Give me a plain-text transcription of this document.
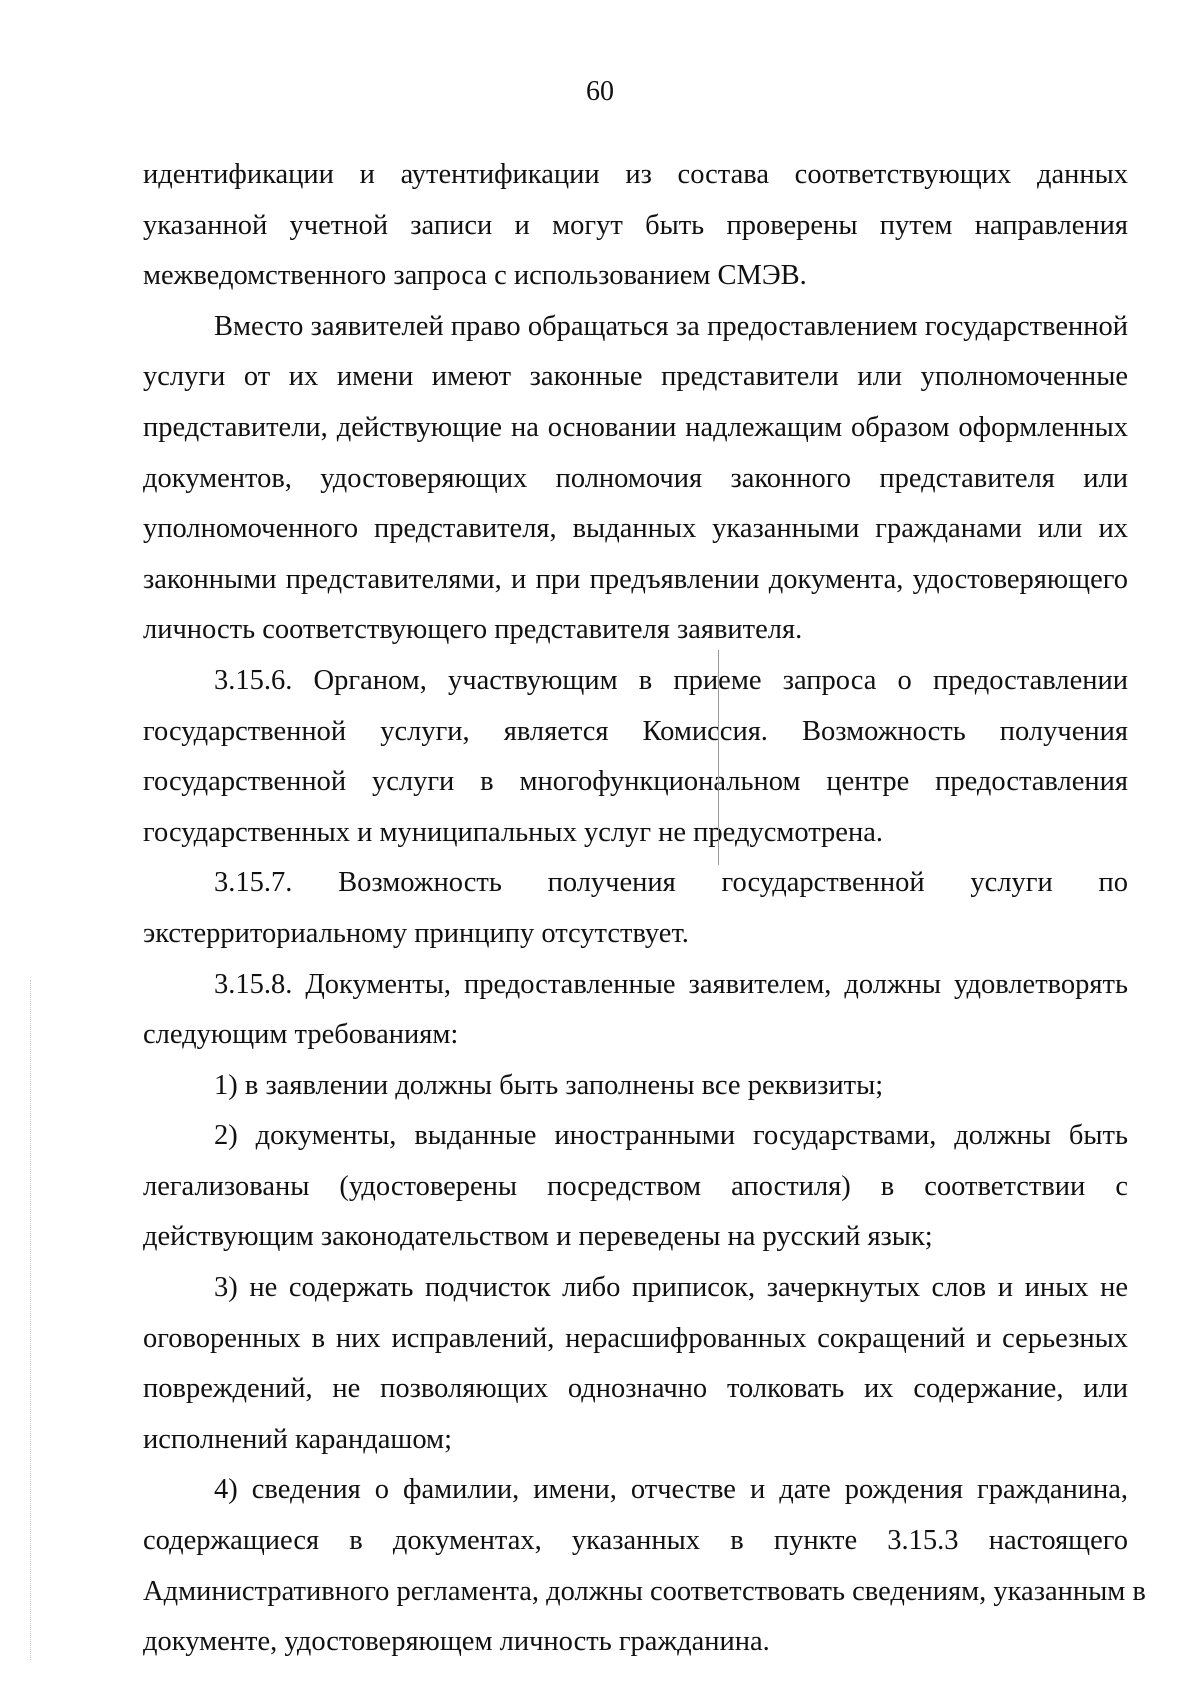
60

идентификации и аутентификации из состава соответствующих данных
указанной учетной записи и могут быть проверены путем направления
межведомственного запроса с использованием СМЭВ.

Вместо заявителей право обращаться за предоставлением государственной
услуги от их имени имеют законные представители или уполномоченные
представители, действующие на основании надлежащим образом оформленных
документов, удостоверяющих полномочия законного представителя или
уполномоченного представителя, выданных указанными гражданами или их
законными представителями, и при предъявлении документа, удостоверяющего
личность соответствующего представителя заявителя.

3.15.6. Органом, участвующим в приеме запроса о предоставлении
государственной услуги, является Комиссия. Возможность получения
государственной услуги в многофункциональном центре предоставления
государственных и муниципальных услуг не предусмотрена.

3.15.7. Возможность получения государственной услуги по
экстерриториальному принципу отсутствует.

3.15.8. Документы, предоставленные заявителем, должны удовлетворять
следующим требованиям:

1) в заявлении должны быть заполнены все реквизиты;

2) документы, выданные иностранными государствами, должны быть
легализованы (удостоверены посредством апостиля) в соответствии с
действующим законодательством и переведены на русский язык;

3) не содержать подчисток либо приписок, зачеркнутых слов и иных не
оговоренных в них исправлений, нерасшифрованных сокращений и серьезных
повреждений, не позволяющих однозначно толковать их содержание, или
исполнений карандашом;

4) сведения о фамилии, имени, отчестве и дате рождения гражданина,
содержащиеся в документах, указанных в пункте 3.15.3 настоящего
Административного регламента, должны соответствовать сведениям, указанным в
документе, удостоверяющем личность гражданина.
